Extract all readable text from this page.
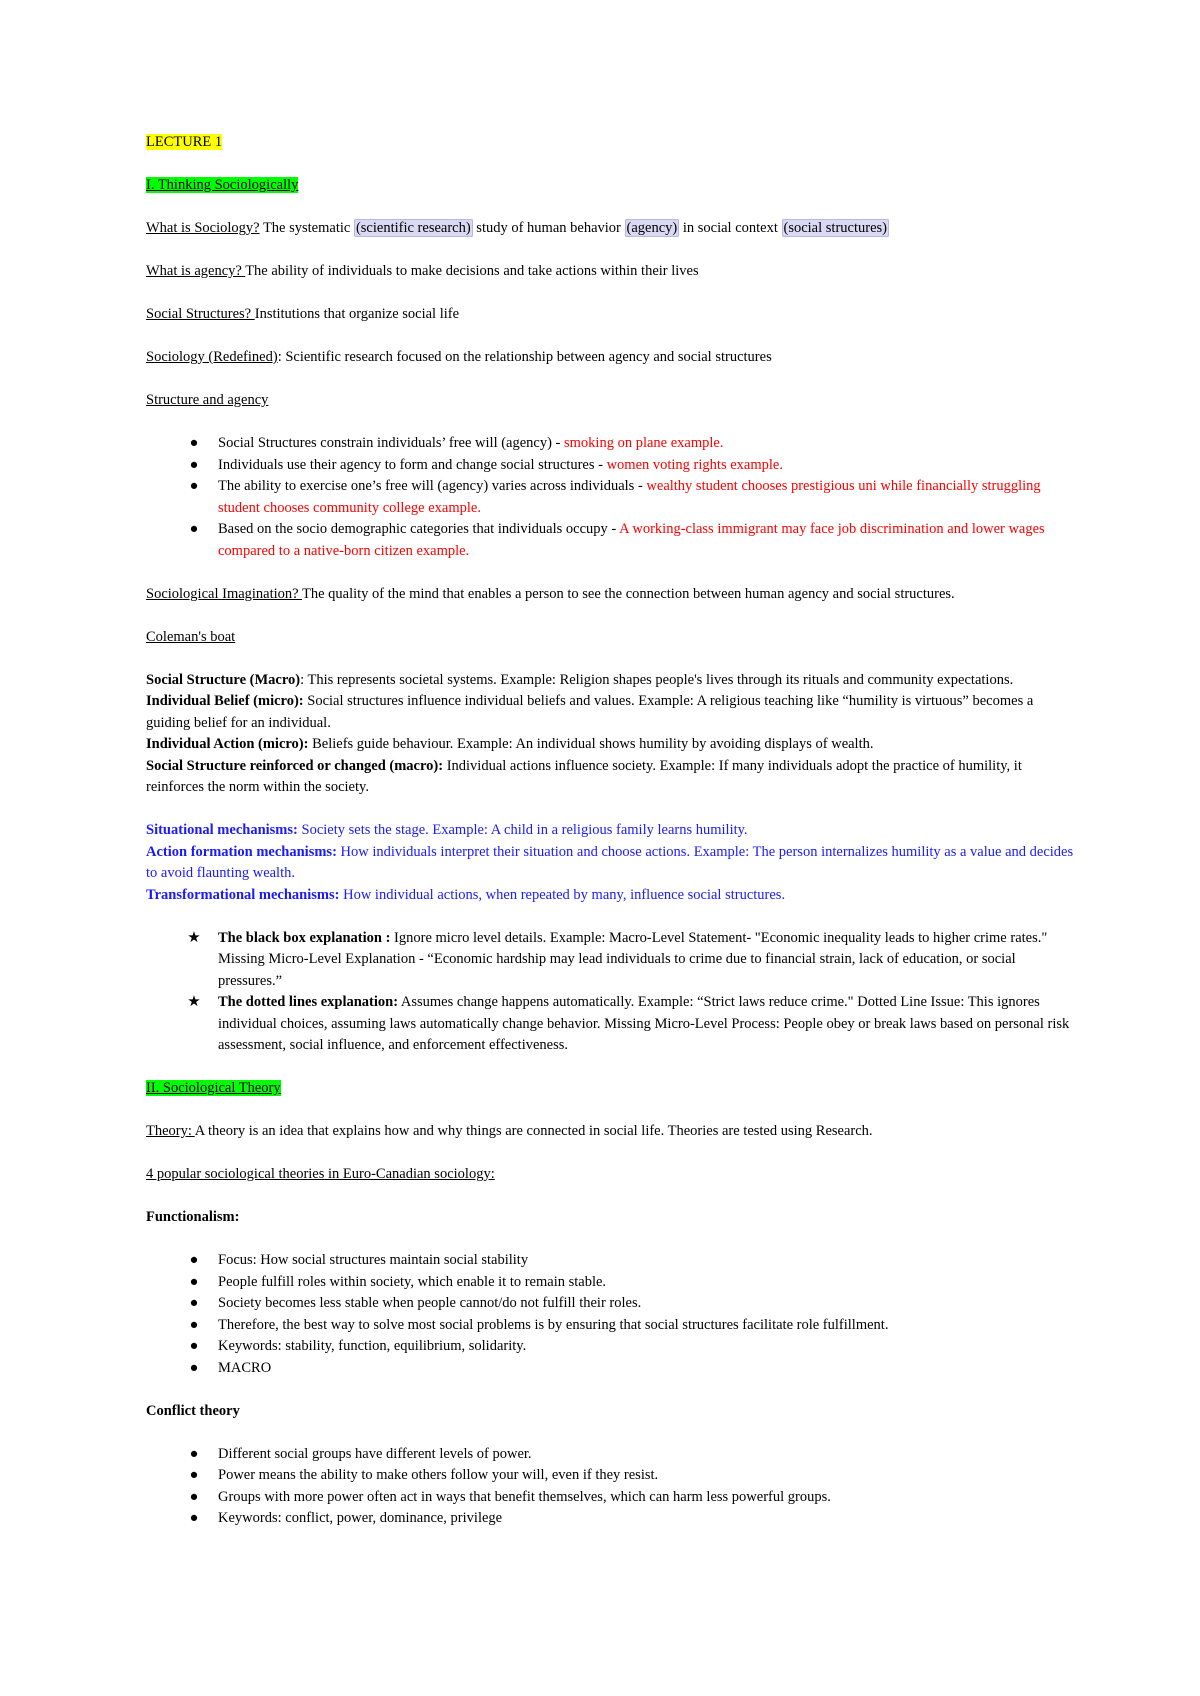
LECTURE 1

I. Thinking Sociologically

What is Sociology? The systematic (scientific research) study of human behavior (agency) in social context (social structures)

What is agency? The ability of individuals to make decisions and take actions within their lives

Social Structures? Institutions that organize social life

Sociology (Redefined): Scientific research focused on the relationship between agency and social structures

Structure and agency

●	Social Structures constrain individuals’ free will (agency) - smoking on plane example.
●	Individuals use their agency to form and change social structures - women voting rights example.
●	The ability to exercise one’s free will (agency) varies across individuals - wealthy student chooses prestigious uni while financially struggling student chooses community college example.
●	Based on the socio demographic categories that individuals occupy - A working-class immigrant may face job discrimination and lower wages compared to a native-born citizen example.

Sociological Imagination? The quality of the mind that enables a person to see the connection between human agency and social structures.

Coleman's boat

Social Structure (Macro): This represents societal systems. Example: Religion shapes people's lives through its rituals and community expectations.
Individual Belief (micro): Social structures influence individual beliefs and values. Example: A religious teaching like “humility is virtuous” becomes a guiding belief for an individual.
Individual Action (micro): Beliefs guide behaviour. Example: An individual shows humility by avoiding displays of wealth.
Social Structure reinforced or changed (macro): Individual actions influence society. Example: If many individuals adopt the practice of humility, it reinforces the norm within the society.
Situational mechanisms: Society sets the stage. Example: A child in a religious family learns humility.
Action formation mechanisms: How individuals interpret their situation and choose actions. Example: The person internalizes humility as a value and decides to avoid flaunting wealth.
Transformational mechanisms: How individual actions, when repeated by many, influence social structures.
★ The black box explanation : Ignore micro level details. Example: Macro-Level Statement- "Economic inequality leads to higher crime rates." Missing Micro-Level Explanation - “Economic hardship may lead individuals to crime due to financial strain, lack of education, or social pressures.”
★ The dotted lines explanation: Assumes change happens automatically. Example: “Strict laws reduce crime." Dotted Line Issue: This ignores individual choices, assuming laws automatically change behavior. Missing Micro-Level Process: People obey or break laws based on personal risk assessment, social influence, and enforcement effectiveness.

II. Sociological Theory

Theory: A theory is an idea that explains how and why things are connected in social life. Theories are tested using Research.

4 popular sociological theories in Euro-Canadian sociology:

Functionalism:

●	Focus: How social structures maintain social stability
●	People fulfill roles within society, which enable it to remain stable.
●	Society becomes less stable when people cannot/do not fulfill their roles.
●	Therefore, the best way to solve most social problems is by ensuring that social structures facilitate role fulfillment.
●	Keywords: stability, function, equilibrium, solidarity.
●	MACRO

Conflict theory

●	Different social groups have different levels of power.
●	Power means the ability to make others follow your will, even if they resist.
●	Groups with more power often act in ways that benefit themselves, which can harm less powerful groups.
●	Keywords: conflict, power, dominance, privilege
